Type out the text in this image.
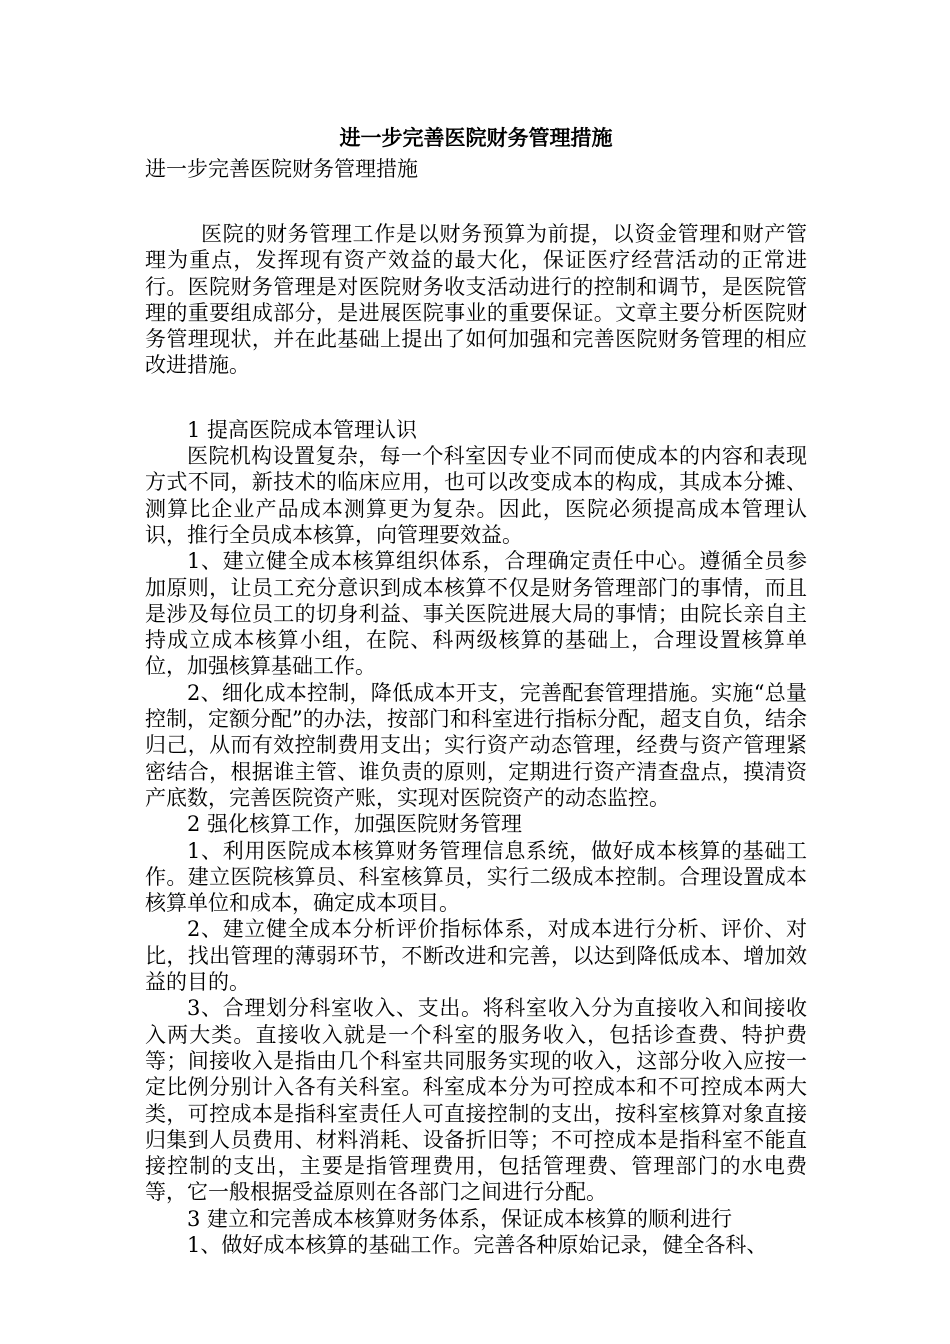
进一步完善医院财务管理措施

进一步完善医院财务管理措施

医院的财务管理工作是以财务预算为前提，以资金管理和财产管理为重点，发挥现有资产效益的最大化，保证医疗经营活动的正常进行。医院财务管理是对医院财务收支活动进行的控制和调节，是医院管理的重要组成部分，是进展医院事业的重要保证。文章主要分析医院财务管理现状，并在此基础上提出了如何加强和完善医院财务管理的相应改进措施。

1 提高医院成本管理认识

医院机构设置复杂，每一个科室因专业不同而使成本的内容和表现方式不同，新技术的临床应用，也可以改变成本的构成，其成本分摊、测算比企业产品成本测算更为复杂。因此，医院必须提高成本管理认识，推行全员成本核算，向管理要效益。

1、建立健全成本核算组织体系，合理确定责任中心。遵循全员参加原则，让员工充分意识到成本核算不仅是财务管理部门的事情，而且是涉及每位员工的切身利益、事关医院进展大局的事情；由院长亲自主持成立成本核算小组，在院、科两级核算的基础上，合理设置核算单位，加强核算基础工作。

2、细化成本控制，降低成本开支，完善配套管理措施。实施“总量控制，定额分配”的办法，按部门和科室进行指标分配，超支自负，结余归己，从而有效控制费用支出；实行资产动态管理，经费与资产管理紧密结合，根据谁主管、谁负责的原则，定期进行资产清查盘点，摸清资产底数，完善医院资产账，实现对医院资产的动态监控。

2 强化核算工作，加强医院财务管理

1、利用医院成本核算财务管理信息系统，做好成本核算的基础工作。建立医院核算员、科室核算员，实行二级成本控制。合理设置成本核算单位和成本，确定成本项目。

2、建立健全成本分析评价指标体系，对成本进行分析、评价、对比，找出管理的薄弱环节，不断改进和完善，以达到降低成本、增加效益的目的。

3、合理划分科室收入、支出。将科室收入分为直接收入和间接收入两大类。直接收入就是一个科室的服务收入，包括诊查费、特护费等；间接收入是指由几个科室共同服务实现的收入，这部分收入应按一定比例分别计入各有关科室。科室成本分为可控成本和不可控成本两大类，可控成本是指科室责任人可直接控制的支出，按科室核算对象直接归集到人员费用、材料消耗、设备折旧等；不可控成本是指科室不能直接控制的支出，主要是指管理费用，包括管理费、管理部门的水电费等，它一般根据受益原则在各部门之间进行分配。

3 建立和完善成本核算财务体系，保证成本核算的顺利进行

1、做好成本核算的基础工作。完善各种原始记录，健全各科、
